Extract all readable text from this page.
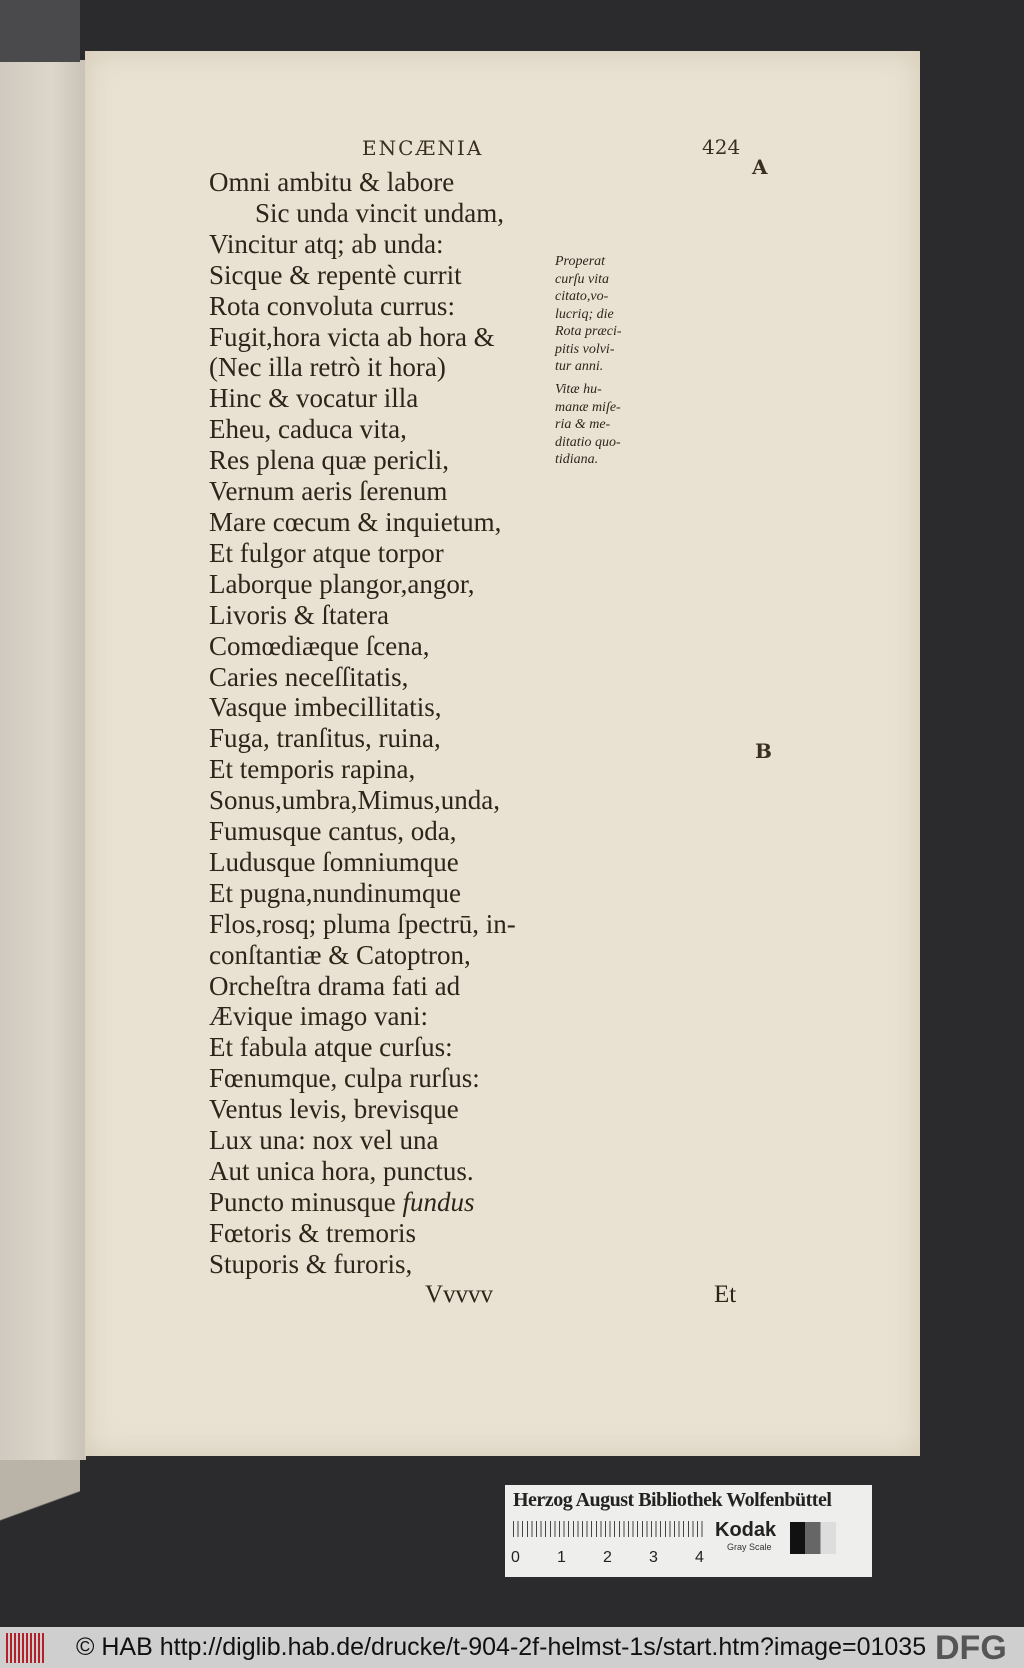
ENCÆNIA	424
A
B
Omni ambitu & labore
Sic unda vincit undam,
Vincitur atq; ab unda:
Sicque & repentè currit
Rota convoluta currus:
Fugit,hora victa ab hora &
(Nec illa retrò it hora)
Hinc & vocatur illa
Eheu, caduca vita,
Res plena quæ pericli,
Vernum aeris ſerenum
Mare cœcum & inquietum,
Et fulgor atque torpor
Laborque plangor,angor,
Livoris & ſtatera
Comœdiæque ſcena,
Caries neceſſitatis,
Vasque imbecillitatis,
Fuga, tranſitus, ruina,
Et temporis rapina,
Sonus,umbra,Mimus,unda,
Fumusque cantus, oda,
Ludusque ſomniumque
Et pugna,nundinumque
Flos,rosq; pluma ſpectrū, in-
conſtantiæ & Catoptron,
Orcheſtra drama fati ad
Ævique imago vani:
Et fabula atque curſus:
Fœnumque, culpa rurſus:
Ventus levis, brevisque
Lux una: nox vel una
Aut unica hora, punctus.
Puncto minusque fundus
Fœtoris & tremoris
Stuporis & furoris,
Properat
curſu vita
citato,vo-
lucriq; die
Rota præci-
pitis volvi-
tur anni.
Vitæ hu-
manæ miſe-
ria & me-
ditatio quo-
tidiana.
Vvvvv	Et
Herzog August Bibliothek Wolfenbüttel
0 1 2 3 4
Kodak
Gray Scale
© HAB http://diglib.hab.de/drucke/t-904-2f-helmst-1s/start.htm?image=01035 DFG
